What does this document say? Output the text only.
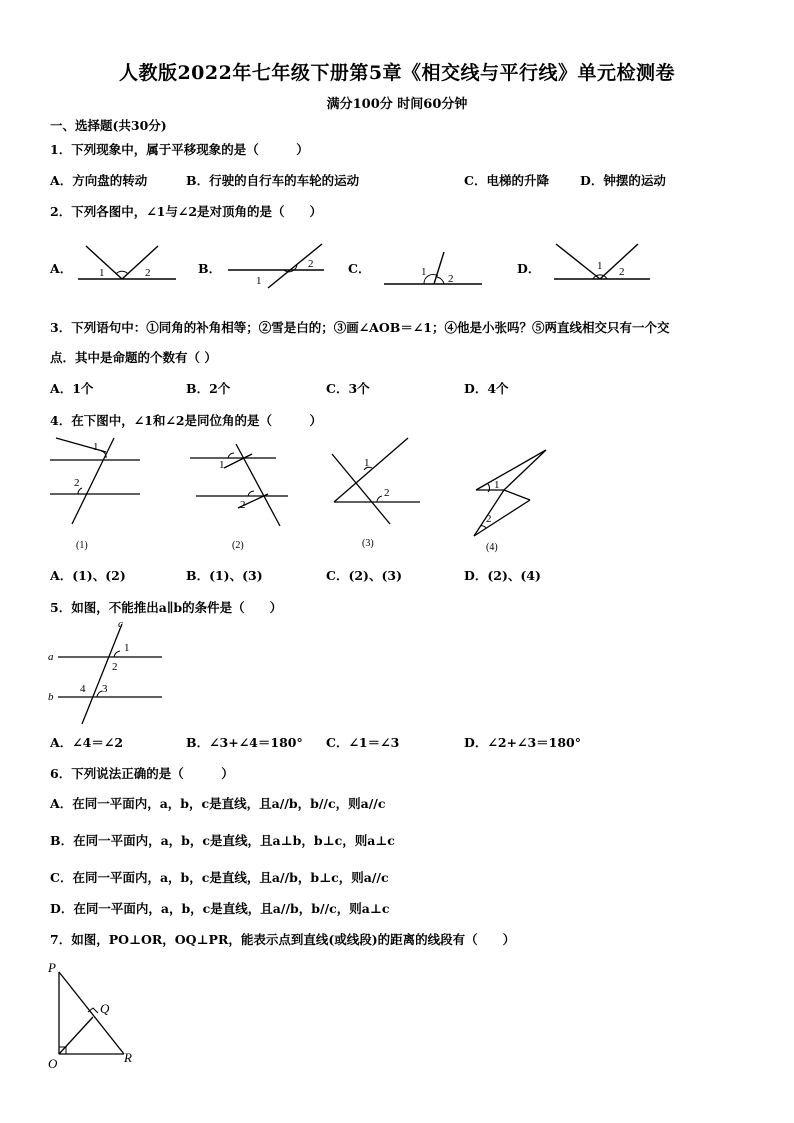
人教版2022年七年级下册第5章《相交线与平行线》单元检测卷
满分100分 时间60分钟
一、选择题(共30分)
1．下列现象中，属于平移现象的是（　　　）
A．方向盘的转动	B．行驶的自行车的车轮的运动	C．电梯的升降 D．钟摆的运动
2．下列各图中，∠1与∠2是对顶角的是（　　）
A．	B．	C．	D．
1	2
1
2
1
2
1 2
3．下列语句中：①同角的补角相等；②雪是白的；③画∠AOB＝∠1；④他是小张吗？⑤两直线相交只有一个交
点．其中是命题的个数有（ ）
A．1个	B．2个	C．3个	D．4个
4．在下图中，∠1和∠2是同位角的是（　　　）
1
2
(1)
1
2
(2)
1
2
(3)
1
2
(4)
A．(1)、(2)	B．(1)、(3)	C．(2)、(3)	D．(2)、(4)
5．如图，不能推出a∥b的条件是（　　）
a
b
c
1
2
3
4
A．∠4＝∠2	B．∠3+∠4＝180° C．∠1＝∠3	D．∠2+∠3＝180°
6．下列说法正确的是（　　　）
A．在同一平面内，a，b，c是直线，且a//b，b//c，则a//c
B．在同一平面内，a，b，c是直线，且a⊥b，b⊥c，则a⊥c
C．在同一平面内，a，b，c是直线，且a//b，b⊥c，则a//c
D．在同一平面内，a，b，c是直线，且a//b，b//c，则a⊥c
7．如图，PO⊥OR，OQ⊥PR，能表示点到直线(或线段)的距离的线段有（　　）
P
Q
O	R
